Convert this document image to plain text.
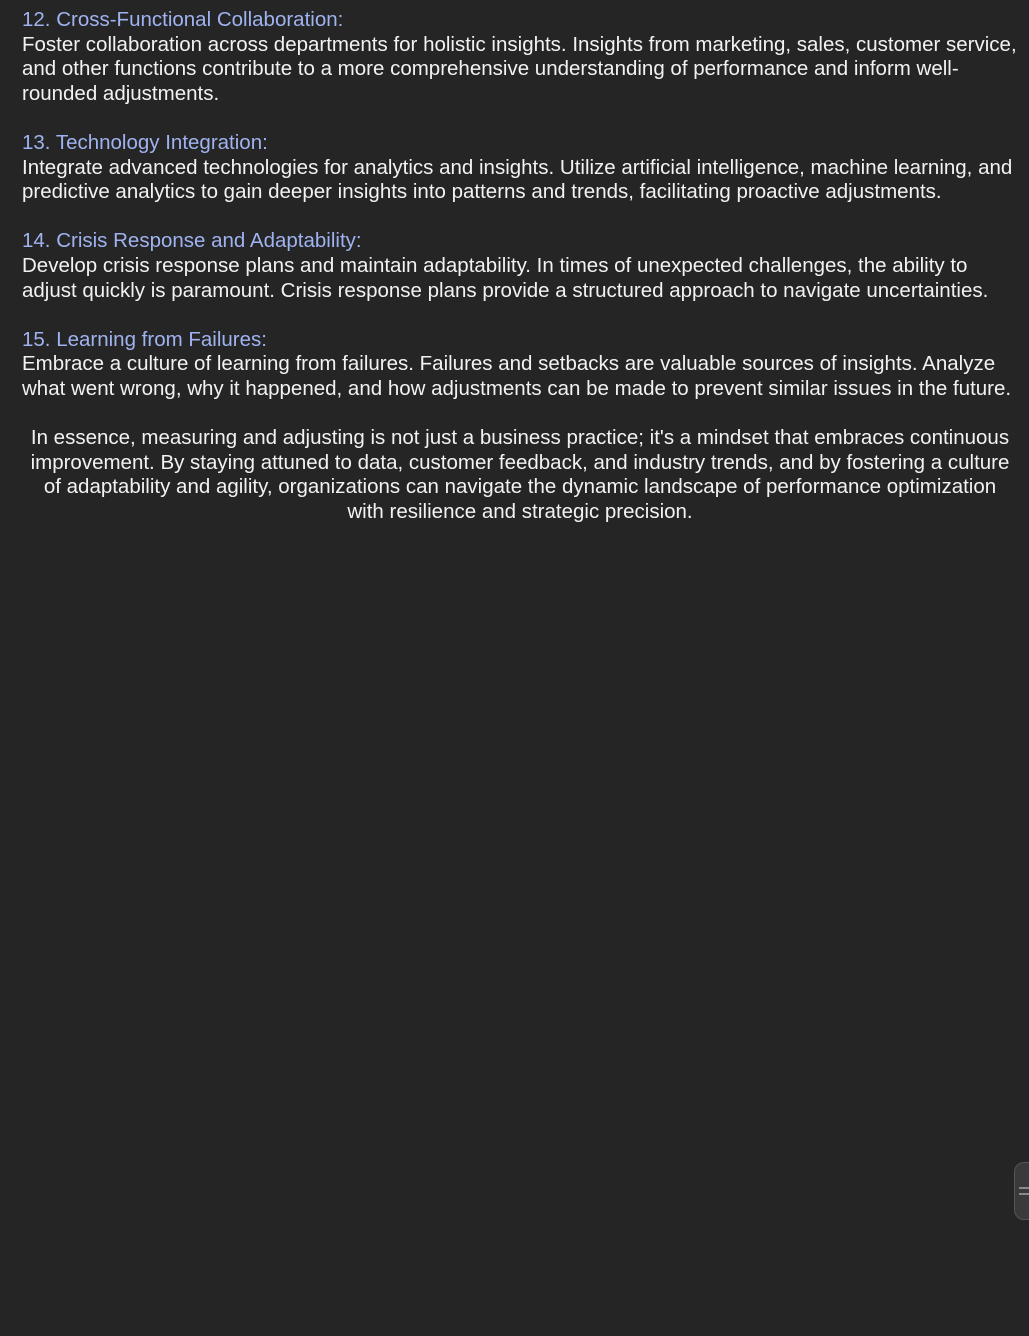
12. Cross-Functional Collaboration:
Foster collaboration across departments for holistic insights. Insights from marketing, sales, customer service, and other functions contribute to a more comprehensive understanding of performance and inform well-rounded adjustments.
13. Technology Integration:
Integrate advanced technologies for analytics and insights. Utilize artificial intelligence, machine learning, and predictive analytics to gain deeper insights into patterns and trends, facilitating proactive adjustments.
14. Crisis Response and Adaptability:
Develop crisis response plans and maintain adaptability. In times of unexpected challenges, the ability to adjust quickly is paramount. Crisis response plans provide a structured approach to navigate uncertainties.
15. Learning from Failures:
Embrace a culture of learning from failures. Failures and setbacks are valuable sources of insights. Analyze what went wrong, why it happened, and how adjustments can be made to prevent similar issues in the future.

In essence, measuring and adjusting is not just a business practice; it's a mindset that embraces continuous improvement. By staying attuned to data, customer feedback, and industry trends, and by fostering a culture of adaptability and agility, organizations can navigate the dynamic landscape of performance optimization with resilience and strategic precision.
